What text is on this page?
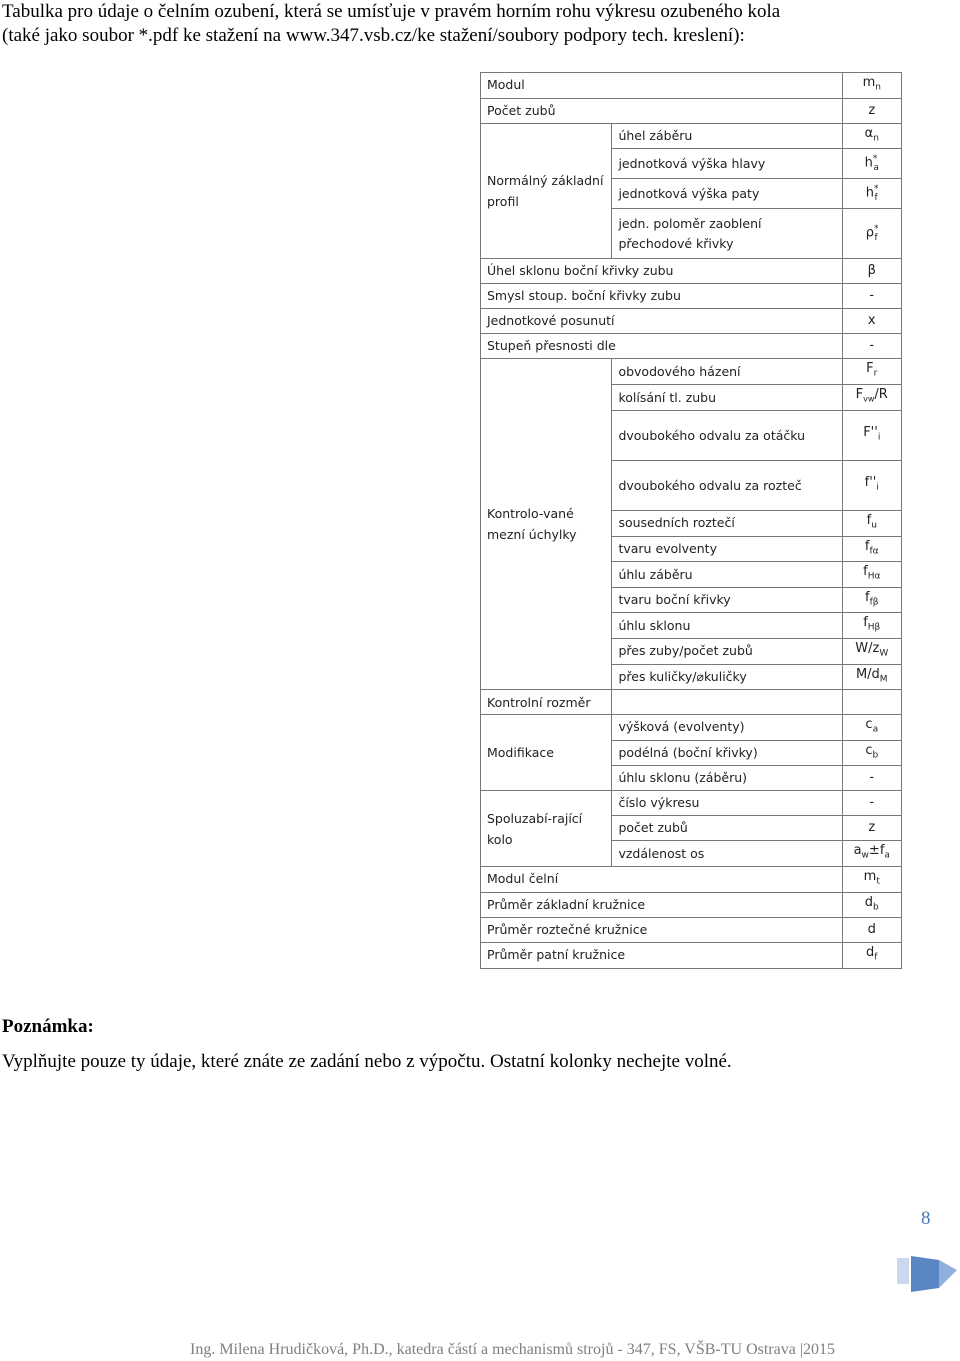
Tabulka pro údaje o čelním ozubení, která se umísťuje v pravém horním rohu výkresu ozubeného kola
(také jako soubor *.pdf ke stažení na www.347.vsb.cz/ke stažení/soubory podpory tech. kreslení):
Modul		$m_n$
Počet zubů		z
Normálný základní profil	úhel záběru	$\alpha_n$
	jednotková výška hlavy	$h^*_a$
	jednotková výška paty	$h^*_f$
	jedn. poloměr zaoblení přechodové křivky	$\rho^*_f$
Úhel sklonu boční křivky zubu		β
Smysl stoup. boční křivky zubu		-
Jednotkové posunutí		x
Stupeň přesnosti dle		-
Kontrolo-vané mezní úchylky	obvodového házení	$F_r$
	kolísání tl. zubu	$F_{vw}/R$
	dvoubokého odvalu za otáčku	$F''_i$
	dvoubokého odvalu za rozteč	$f''_i$
	sousedních roztečí	$f_u$
	tvaru evolventy	$f_{f\alpha}$
	úhlu záběru	$f_{H\alpha}$
	tvaru boční křivky	$f_{f\beta}$
	úhlu sklonu	$f_{H\beta}$
	přes zuby/počet zubů	$W/z_W$
	přes kuličky/⌀kuličky	$M/d_M$
Kontrolní rozměr		
Modifikace	výšková (evolventy)	$c_a$
	podélná (boční křivky)	$c_b$
	úhlu sklonu (záběru)	-
Spoluzabí-rající kolo	číslo výkresu	-
	počet zubů	z
	vzdálenost os	$a_w\pm f_a$
Modul čelní		$m_t$
Průměr základní kružnice		$d_b$
Průměr roztečné kružnice		d
Průměr patní kružnice		$d_f$
Poznámka:
Vyplňujte pouze ty údaje, které znáte ze zadání nebo z výpočtu. Ostatní kolonky nechejte volné.
8
Ing. Milena Hrudičková, Ph.D., katedra částí a mechanismů strojů - 347, FS, VŠB-TU Ostrava |2015
